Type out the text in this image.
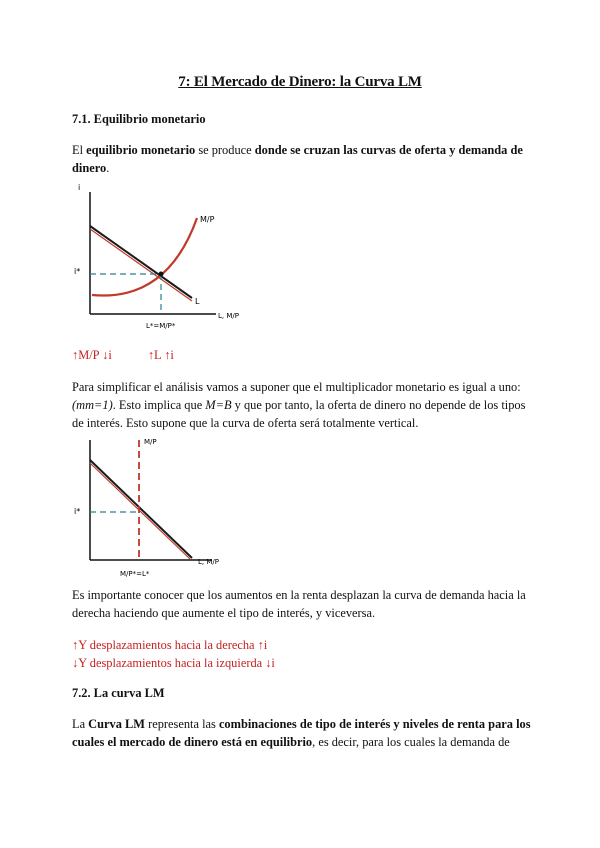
7: El Mercado de Dinero: la Curva LM
7.1. Equilibrio monetario
El equilibrio monetario se produce donde se cruzan las curvas de oferta y demanda de
dinero.
i
L
M/P
i*
L*=M/P*
L, M/P
↑M/P ↓i	↑L ↑i
Para simplificar el análisis vamos a suponer que el multiplicador monetario es igual a uno:
(mm=1). Esto implica que M=B y que por tanto, la oferta de dinero no depende de los tipos
de interés. Esto supone que la curva de oferta será totalmente vertical.
M/P
i*
M/P*=L*
L, M/P
Es importante conocer que los aumentos en la renta desplazan la curva de demanda hacia la
derecha haciendo que aumente el tipo de interés, y viceversa.
↑Y desplazamientos hacia la derecha ↑i
↓Y desplazamientos hacia la izquierda ↓i
7.2. La curva LM
La Curva LM representa las combinaciones de tipo de interés y niveles de renta para los
cuales el mercado de dinero está en equilibrio, es decir, para los cuales la demanda de
